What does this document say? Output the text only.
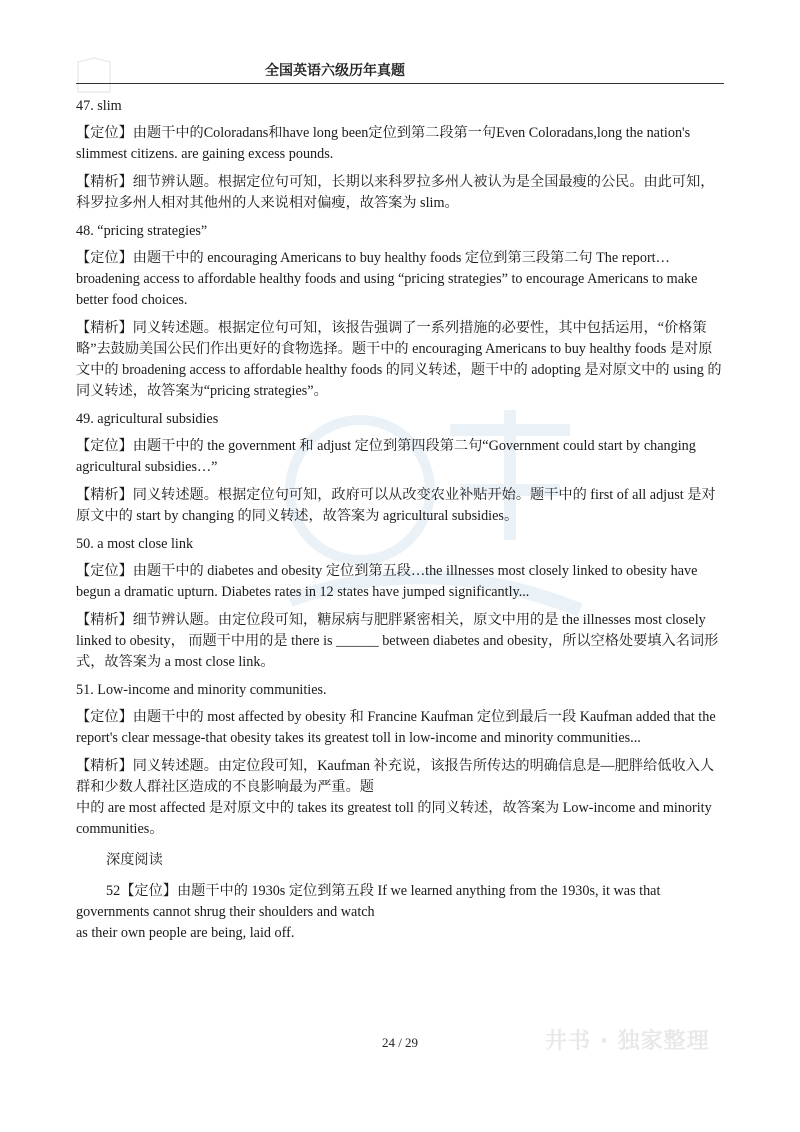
全国英语六级历年真题

47. slim

【定位】由题干中的Coloradans和have long been定位到第二段第一句Even Coloradans,long the nation's slimmest citizens. are gaining excess pounds.

【精析】细节辨认题。根据定位句可知，长期以来科罗拉多州人被认为是全国最瘦的公民。由此可知，科罗拉多州人相对其他州的人来说相对偏瘦，故答案为 slim。

48. “pricing strategies”

【定位】由题干中的 encouraging Americans to buy healthy foods 定位到第三段第二句 The report… broadening access to affordable healthy foods and using “pricing strategies” to encourage Americans to make better food choices.

【精析】同义转述题。根据定位句可知，该报告强调了一系列措施的必要性，其中包括运用，“价格策略”去鼓励美国公民们作出更好的食物选择。题干中的 encouraging Americans to buy healthy foods 是对原文中的 broadening access to affordable healthy foods 的同义转述，题干中的 adopting 是对原文中的 using 的同义转述，故答案为“pricing strategies”。

49. agricultural subsidies

【定位】由题干中的 the government 和 adjust 定位到第四段第二句“Government could start by changing agricultural subsidies…”

【精析】同义转述题。根据定位句可知，政府可以从改变农业补贴开始。题干中的 first of all adjust 是对原文中的 start by changing 的同义转述，故答案为 agricultural subsidies。

50. a most close link

【定位】由题干中的 diabetes and obesity 定位到第五段…the illnesses most closely linked to obesity have begun a dramatic upturn. Diabetes rates in 12 states have jumped significantly...

【精析】细节辨认题。由定位段可知，糖尿病与肥胖紧密相关，原文中用的是 the illnesses most closely linked to obesity， 而题干中用的是 there is ______ between diabetes and obesity，所以空格处要填入名词形式，故答案为 a most close link。

51. Low-income and minority communities.

【定位】由题干中的 most affected by obesity 和 Francine Kaufman 定位到最后一段 Kaufman added that the report's clear message-that obesity takes its greatest toll in low-income and minority communities...

【精析】同义转述题。由定位段可知，Kaufman 补充说，该报告所传达的明确信息是—肥胖给低收入人群和少数人群社区造成的不良影响最为严重。题
中的 are most affected 是对原文中的 takes its greatest toll 的同义转述，故答案为 Low-income and minority communities。

深度阅读

52【定位】由题干中的 1930s 定位到第五段 If we learned anything from the 1930s, it was that governments cannot shrug their shoulders and watch
as their own people are being, laid off.

24 / 29	井书 · 独家整理
